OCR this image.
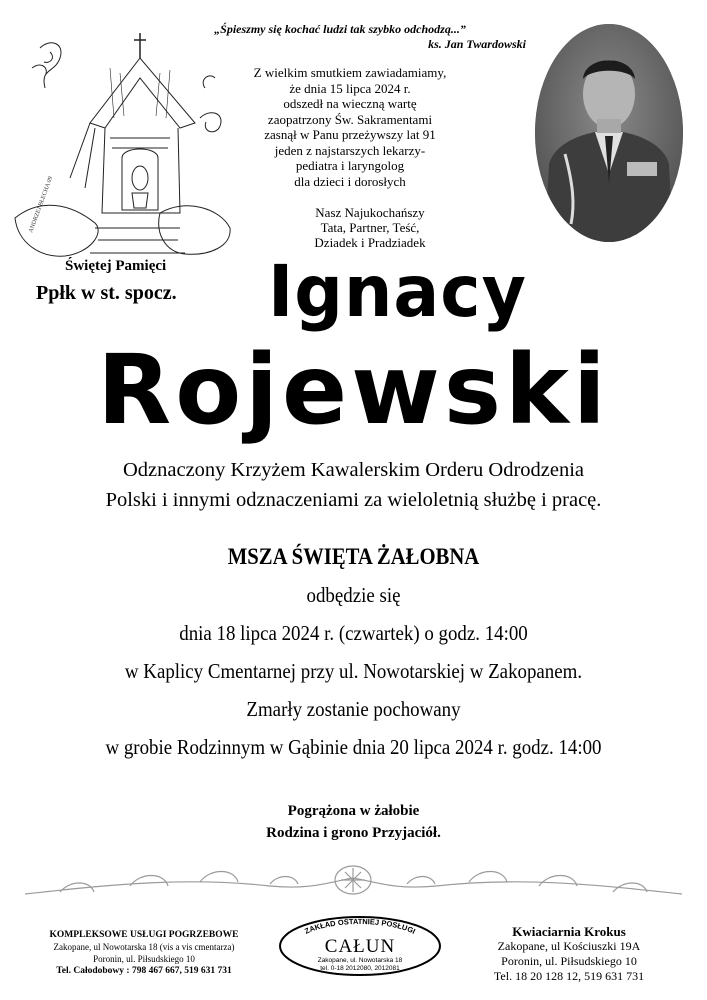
ANDRZEJ BŁECHA 09
„Śpieszmy się kochać ludzi tak szybko odchodzą...”
ks. Jan Twardowski
Z wielkim smutkiem zawiadamiamy,
że dnia 15 lipca 2024 r.
odszedł na wieczną wartę
zaopatrzony Św. Sakramentami
zasnął w Panu przeżywszy lat 91
jeden z najstarszych lekarzy-
pediatra i laryngolog
dla dzieci i dorosłych
Nasz Najukochańszy
Tata, Partner, Teść,
Dziadek i Pradziadek
Świętej Pamięci
Ppłk w st. spocz. Ignacy
Rojewski
Odznaczony Krzyżem Kawalerskim Orderu Odrodzenia
Polski i innymi odznaczeniami za wieloletnią służbę i pracę.
MSZA ŚWIĘTA ŻAŁOBNA
odbędzie się
dnia 18 lipca 2024 r. (czwartek) o godz. 14:00
w Kaplicy Cmentarnej przy ul. Nowotarskiej w Zakopanem.
Zmarły zostanie pochowany
w grobie Rodzinnym w Gąbinie dnia 20 lipca 2024 r. godz. 14:00
Pogrążona w żałobie
Rodzina i grono Przyjaciół.
KOMPLEKSOWE USŁUGI POGRZEBOWE
Zakopane, ul Nowotarska 18 (vis a vis cmentarza)
Poronin, ul. Piłsudskiego 10
Tel. Całodobowy : 798 467 667, 519 631 731
ZAKŁAD OSTATNIEJ POSŁUGI
CAŁUN
Zakopane, ul. Nowotarska 18
tel. 0-18 2012080, 2012081
Kwiaciarnia Krokus
Zakopane, ul Kościuszki 19A
Poronin, ul. Piłsudskiego 10
Tel. 18 20 128 12, 519 631 731
